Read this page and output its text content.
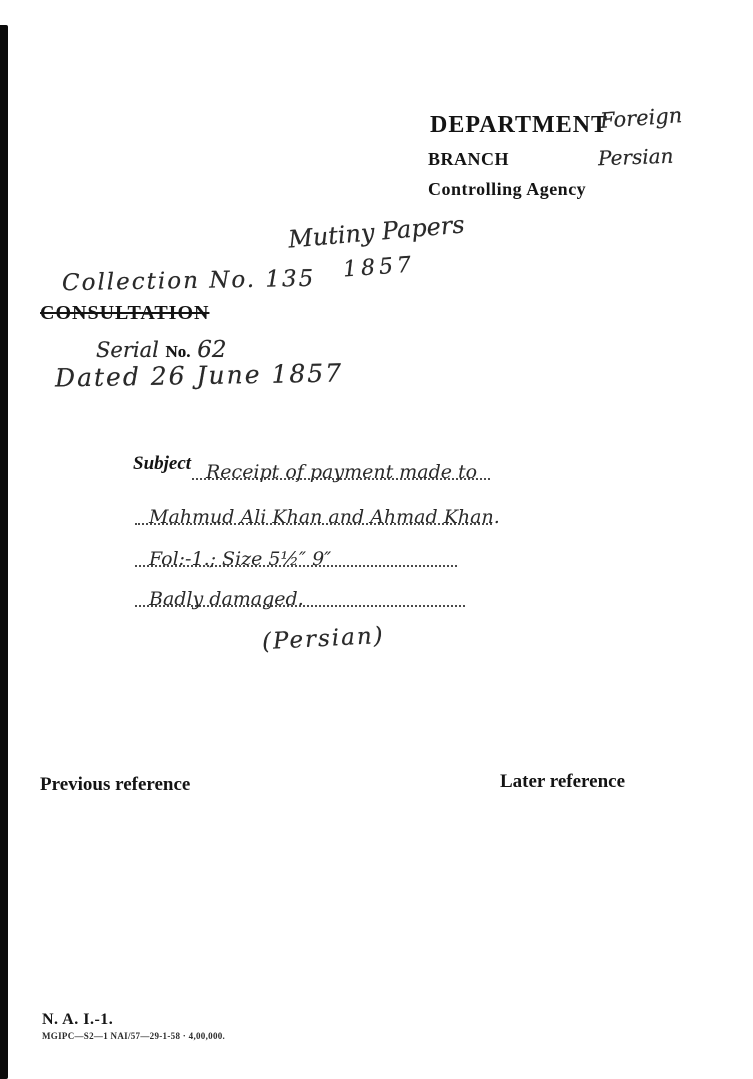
DEPARTMENT
Foreign
BRANCH	Persian
Controlling Agency
Mutiny Papers
1857
Collection No. 135
CONSULTATION
Serial No. 62
Dated 26 June 1857
Subject Receipt of payment made to
Mahmud Ali Khan and Ahmad Khan.
Fol:-1.; Size 5½″ 9″
Badly damaged.
(Persian)
Previous reference	Later reference
N. A. I.-1.
MGIPC—S2—1 NAI/57—29-1-58 · 4,00,000.
